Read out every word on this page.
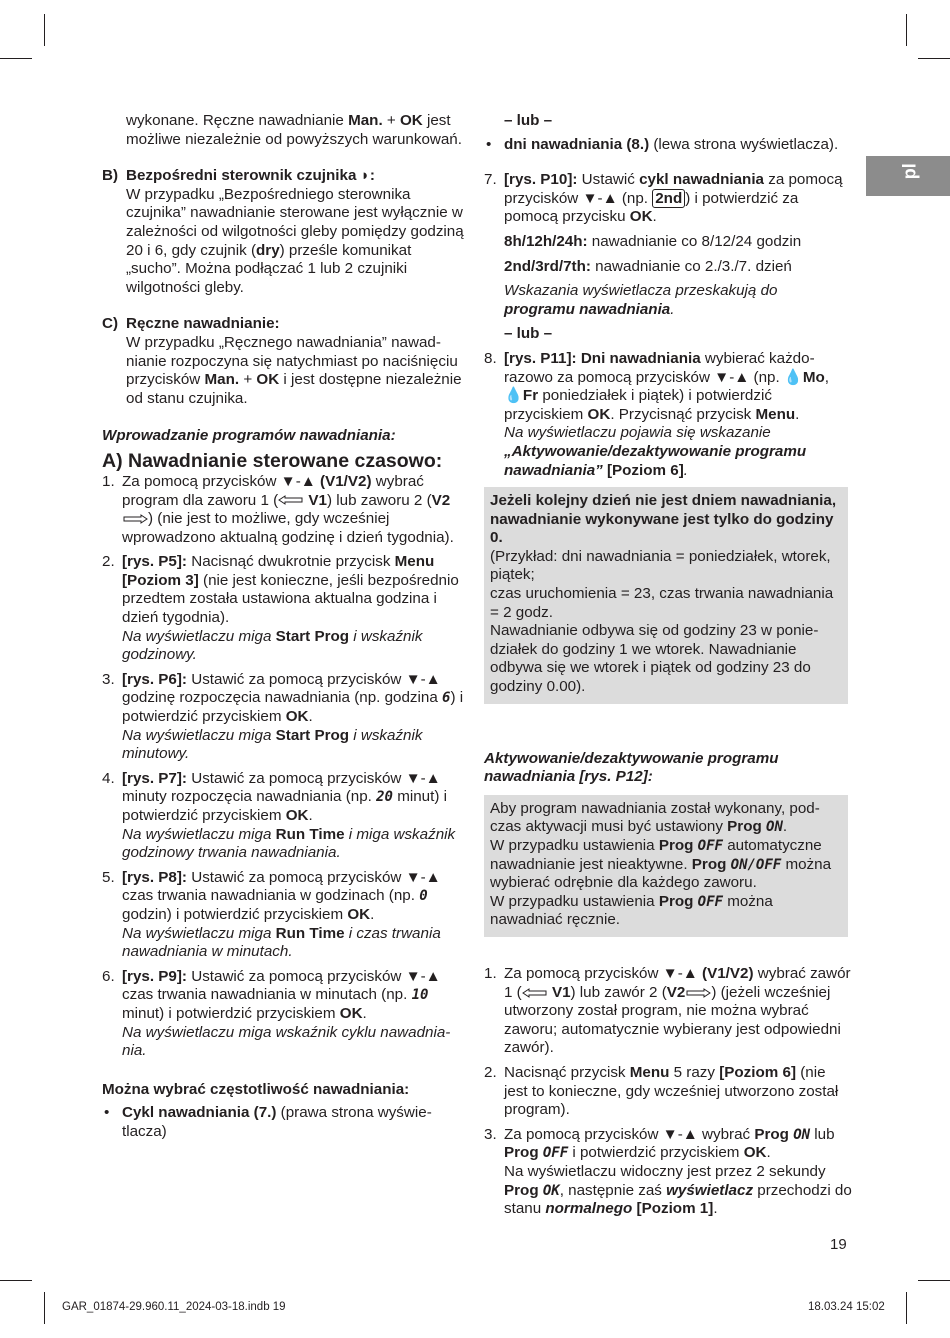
pl

wykonane. Ręczne nawadnianie Man. + OK jest możliwe niezależnie od powyższych warunkowań.

B) Bezpośredni sterownik czujnika ◗:

W przypadku „Bezpośredniego sterownika czujnika” nawadnianie sterowane jest wyłącznie w zależności od wilgotności gleby pomiędzy godziną 20 i 6, gdy czujnik (dry) prześle komunikat „sucho”. Można podłączać 1 lub 2 czujniki wilgotności gleby.

C) Ręczne nawadnianie:

W przypadku „Ręcznego nawadniania” nawadnianie rozpoczyna się natychmiast po naciśnięciu przycisków Man. + OK i jest dostępne niezależnie od stanu czujnika.

Wprowadzanie programów nawadniania:

A) Nawadnianie sterowane czasowo:

1. Za pomocą przycisków ▼-▲ (V1/V2) wybrać program dla zaworu 1 ( V1) lub zaworu 2 (V2) (nie jest to możliwe, gdy wcześniej wprowadzono aktualną godzinę i dzień tygodnia).

2. [rys. P5]: Nacisnąć dwukrotnie przycisk Menu [Poziom 3] (nie jest konieczne, jeśli bezpośrednio przedtem została ustawiona aktualna godzina i dzień tygodnia).

Na wyświetlaczu miga Start Prog i wskaźnik godzinowy.

3. [rys. P6]: Ustawić za pomocą przycisków ▼-▲ godzinę rozpoczęcia nawadniania (np. godzina 6) i potwierdzić przyciskiem OK.

Na wyświetlaczu miga Start Prog i wskaźnik minutowy.

4. [rys. P7]: Ustawić za pomocą przycisków ▼-▲ minuty rozpoczęcia nawadniania (np. 20 minut) i potwierdzić przyciskiem OK.

Na wyświetlaczu miga Run Time i miga wskaźnik godzinowy trwania nawadniania.

5. [rys. P8]: Ustawić za pomocą przycisków ▼-▲ czas trwania nawadniania w godzinach (np. 0 godzin) i potwierdzić przyciskiem OK.

Na wyświetlaczu miga Run Time i czas trwania nawadniania w minutach.

6. [rys. P9]: Ustawić za pomocą przycisków ▼-▲ czas trwania nawadniania w minutach (np. 10 minut) i potwierdzić przyciskiem OK.

Na wyświetlaczu miga wskaźnik cyklu nawadniania.

Można wybrać częstotliwość nawadniania:

• Cykl nawadniania (7.) (prawa strona wyświetlacza)

– lub –

• dni nawadniania (8.) (lewa strona wyświetlacza).

7. [rys. P10]: Ustawić cykl nawadniania za pomocą przycisków ▼-▲ (np. 2nd ) i potwierdzić za pomocą przycisku OK.

8h/12h/24h: nawadnianie co 8/12/24 godzin

2nd/3rd/7th: nawadnianie co 2./3./7. dzień

Wskazania wyświetlacza przeskakują do programu nawadniania.

– lub –

8. [rys. P11]: Dni nawadniania wybierać każdorazowo za pomocą przycisków ▼-▲ (np. 💧Mo, 💧Fr poniedziałek i piątek) i potwierdzić przyciskiem OK. Przycisnąć przycisk Menu.

Na wyświetlaczu pojawia się wskazanie „Aktywowanie/dezaktywowanie programu nawadniania” [Poziom 6].

Jeżeli kolejny dzień nie jest dniem nawadniania, nawadnianie wykonywane jest tylko do godziny 0.

(Przykład: dni nawadniania = poniedziałek, wtorek, piątek;
czas uruchomienia = 23, czas trwania nawadniania = 2 godz.
Nawadnianie odbywa się od godziny 23 w poniedziałek do godziny 1 we wtorek. Nawadnianie odbywa się we wtorek i piątek od godziny 23 do godziny 0.00).

Aktywowanie/dezaktywowanie programu nawadniania [rys. P12]:

Aby program nawadniania został wykonany, podczas aktywacji musi być ustawiony Prog ON.

W przypadku ustawienia Prog OFF automatyczne nawadnianie jest nieaktywne. Prog ON/OFF można wybierać odrębnie dla każdego zaworu.

W przypadku ustawienia Prog OFF można nawadniać ręcznie.

1. Za pomocą przycisków ▼-▲ (V1/V2) wybrać zawór 1 ( V1) lub zawór 2 (V2 ) (jeżeli wcześniej utworzony został program, nie można wybrać zaworu; automatycznie wybierany jest odpowiedni zawór).

2. Nacisnąć przycisk Menu 5 razy [Poziom 6] (nie jest to konieczne, gdy wcześniej utworzono został program).

3. Za pomocą przycisków ▼-▲ wybrać Prog ON lub Prog OFF i potwierdzić przyciskiem OK.

Na wyświetlaczu widoczny jest przez 2 sekundy Prog OK, następnie zaś wyświetlacz przechodzi do stanu normalnego [Poziom 1].

19
GAR_01874-29.960.11_2024-03-18.indb 19	18.03.24 15:02
